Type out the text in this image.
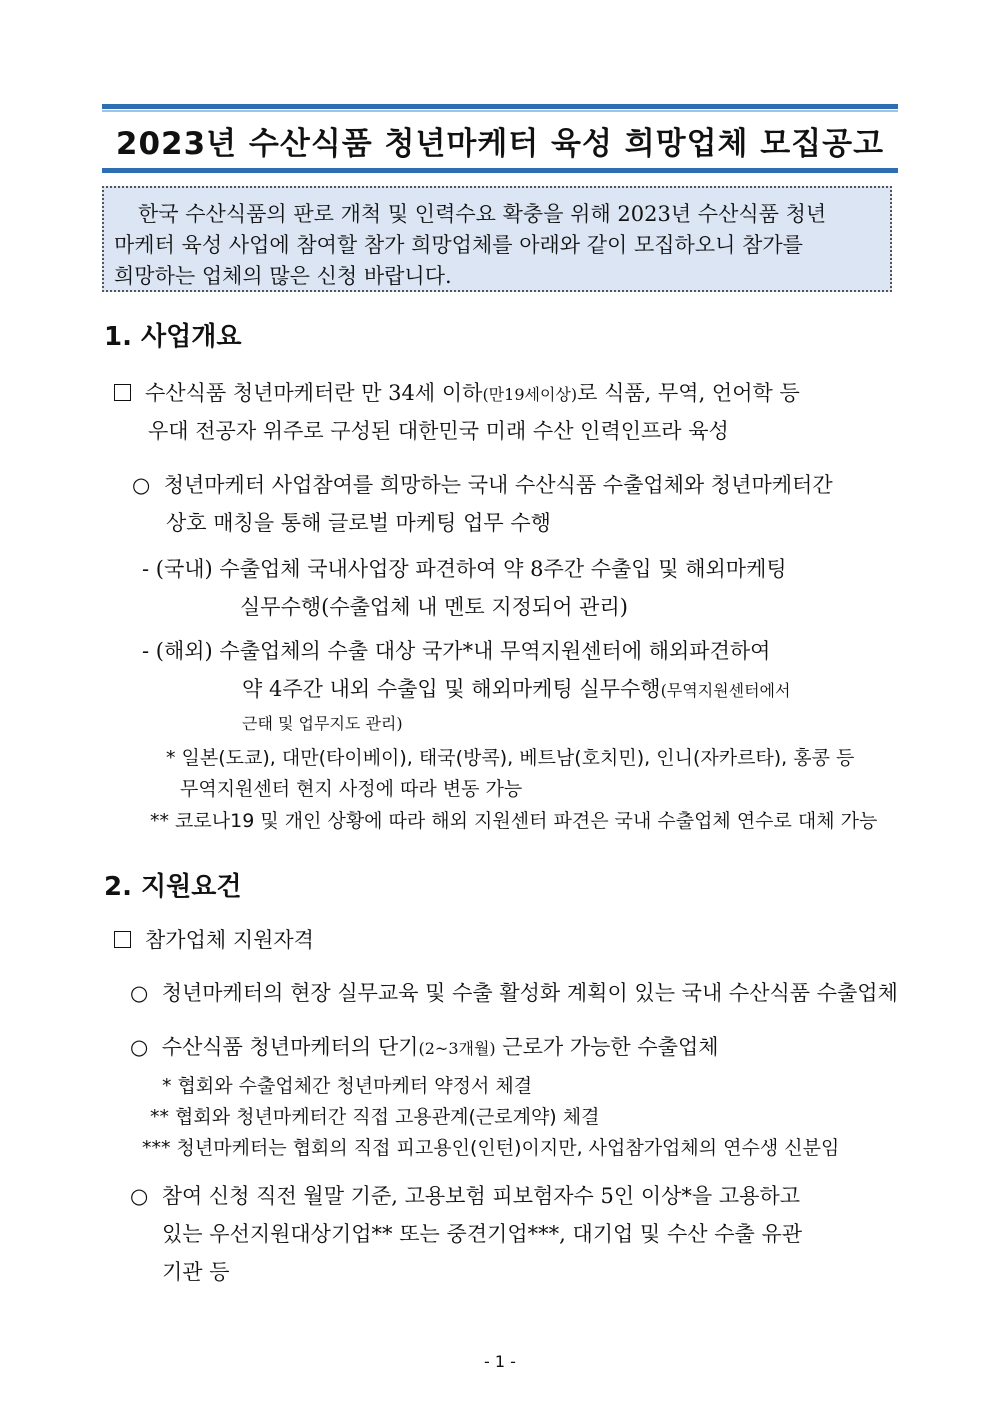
2023년 수산식품 청년마케터 육성 희망업체 모집공고
한국 수산식품의 판로 개척 및 인력수요 확충을 위해 2023년 수산식품 청년
마케터 육성 사업에 참여할 참가 희망업체를 아래와 같이 모집하오니 참가를
희망하는 업체의 많은 신청 바랍니다.
1. 사업개요
수산식품 청년마케터란 만 34세 이하(만19세이상)로 식품, 무역, 언어학 등
우대 전공자 위주로 구성된 대한민국 미래 수산 인력인프라 육성
○ 청년마케터 사업참여를 희망하는 국내 수산식품 수출업체와 청년마케터간
상호 매칭을 통해 글로벌 마케팅 업무 수행
- (국내) 수출업체 국내사업장 파견하여 약 8주간 수출입 및 해외마케팅
실무수행(수출업체 내 멘토 지정되어 관리)
- (해외) 수출업체의 수출 대상 국가*내 무역지원센터에 해외파견하여
약 4주간 내외 수출입 및 해외마케팅 실무수행(무역지원센터에서
근태 및 업무지도 관리)
* 일본(도쿄), 대만(타이베이), 태국(방콕), 베트남(호치민), 인니(자카르타), 홍콩 등
무역지원센터 현지 사정에 따라 변동 가능
** 코로나19 및 개인 상황에 따라 해외 지원센터 파견은 국내 수출업체 연수로 대체 가능
2. 지원요건
참가업체 지원자격
○ 청년마케터의 현장 실무교육 및 수출 활성화 계획이 있는 국내 수산식품 수출업체
○ 수산식품 청년마케터의 단기(2~3개월) 근로가 가능한 수출업체
* 협회와 수출업체간 청년마케터 약정서 체결
** 협회와 청년마케터간 직접 고용관계(근로계약) 체결
*** 청년마케터는 협회의 직접 피고용인(인턴)이지만, 사업참가업체의 연수생 신분임
○ 참여 신청 직전 월말 기준, 고용보험 피보험자수 5인 이상*을 고용하고
있는 우선지원대상기업** 또는 중견기업***, 대기업 및 수산 수출 유관
기관 등
- 1 -
